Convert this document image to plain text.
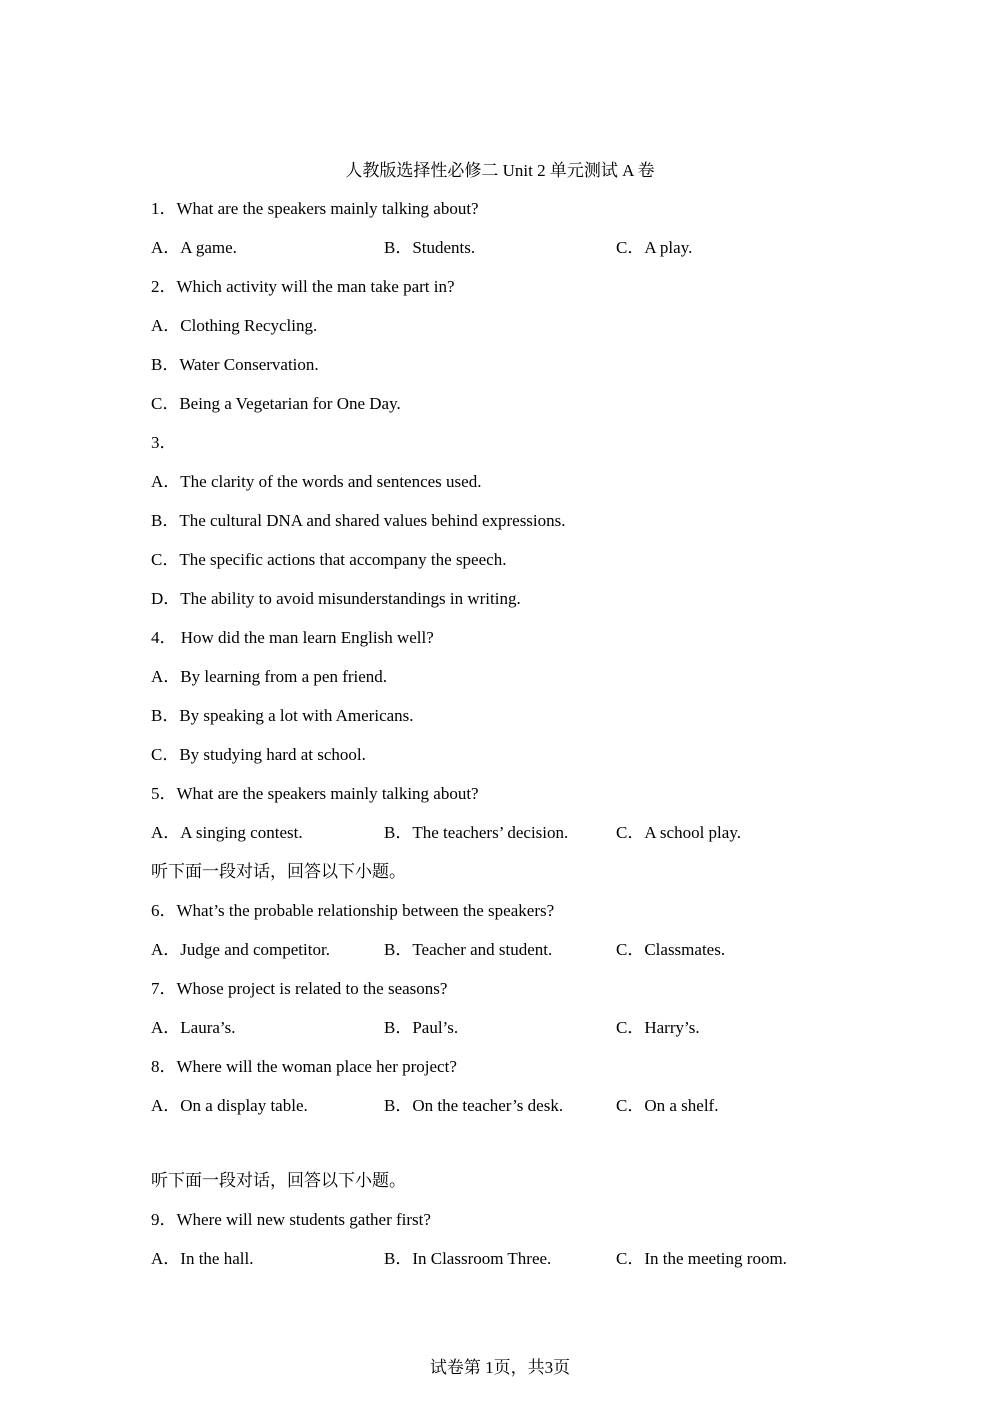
人教版选择性必修二 Unit 2 单元测试 A 卷
1．What are the speakers mainly talking about?
A．A game.	B．Students.	C．A play.
2．Which activity will the man take part in?
A．Clothing Recycling.
B．Water Conservation.
C．Being a Vegetarian for One Day.
3．
A．The clarity of the words and sentences used.
B．The cultural DNA and shared values behind expressions.
C．The specific actions that accompany the speech.
D．The ability to avoid misunderstandings in writing.
4． How did the man learn English well?
A．By learning from a pen friend.
B．By speaking a lot with Americans.
C．By studying hard at school.
5．What are the speakers mainly talking about?
A．A singing contest.	B．The teachers’ decision.	C．A school play.
听下面一段对话，回答以下小题。
6．What’s the probable relationship between the speakers?
A．Judge and competitor.	B．Teacher and student.	C．Classmates.
7．Whose project is related to the seasons?
A．Laura’s.	B．Paul’s.	C．Harry’s.
8．Where will the woman place her project?
A．On a display table.	B．On the teacher’s desk.	C．On a shelf.
听下面一段对话，回答以下小题。
9．Where will new students gather first?
A．In the hall.	B．In Classroom Three.	C．In the meeting room.
试卷第 1页，共3页
